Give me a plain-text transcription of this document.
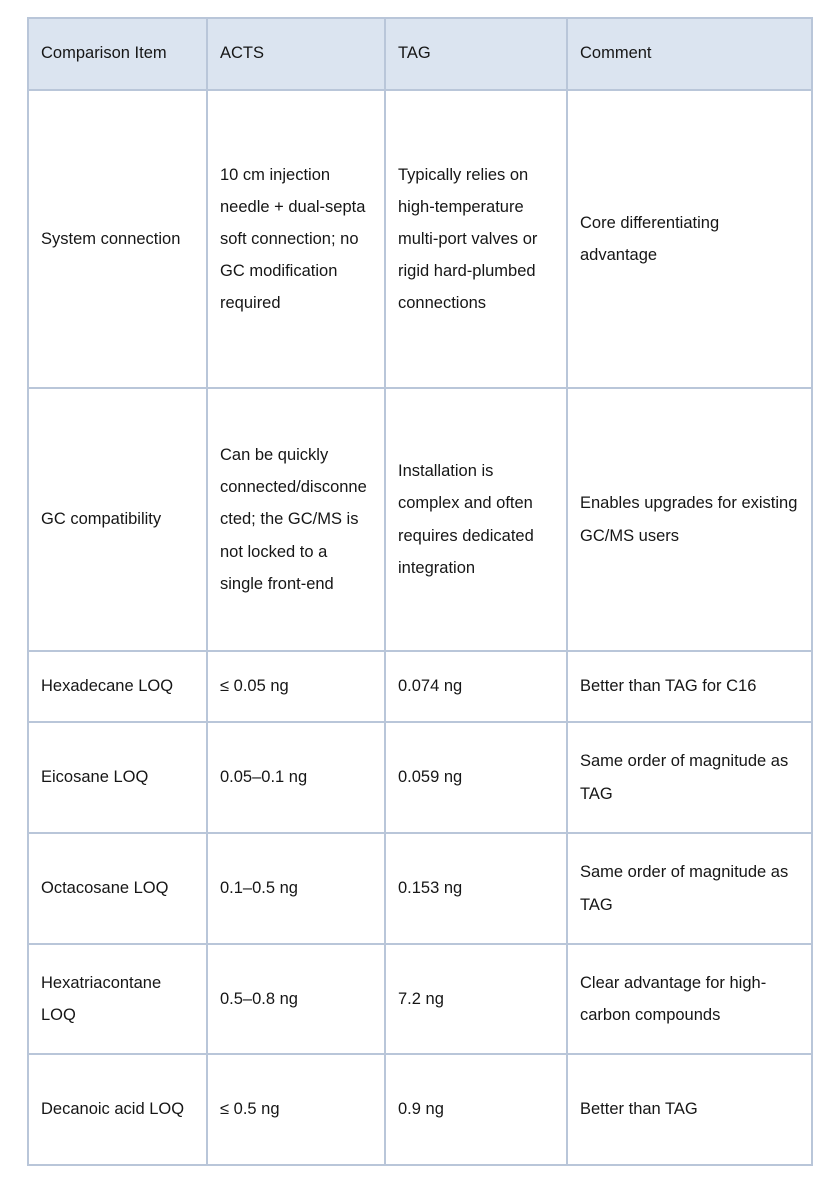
Comparison Item	ACTS	TAG	Comment
System connection	10 cm injection needle + dual-septa soft connection; no GC modification required	Typically relies on high-temperature multi-port valves or rigid hard-plumbed connections	Core differentiating advantage
GC compatibility	Can be quickly connected/disconnected; the GC/MS is not locked to a single front-end	Installation is complex and often requires dedicated integration	Enables upgrades for existing GC/MS users
Hexadecane LOQ	≤ 0.05 ng	0.074 ng	Better than TAG for C16
Eicosane LOQ	0.05–0.1 ng	0.059 ng	Same order of magnitude as TAG
Octacosane LOQ	0.1–0.5 ng	0.153 ng	Same order of magnitude as TAG
Hexatriacontane LOQ	0.5–0.8 ng	7.2 ng	Clear advantage for high-carbon compounds
Decanoic acid LOQ	≤ 0.5 ng	0.9 ng	Better than TAG
